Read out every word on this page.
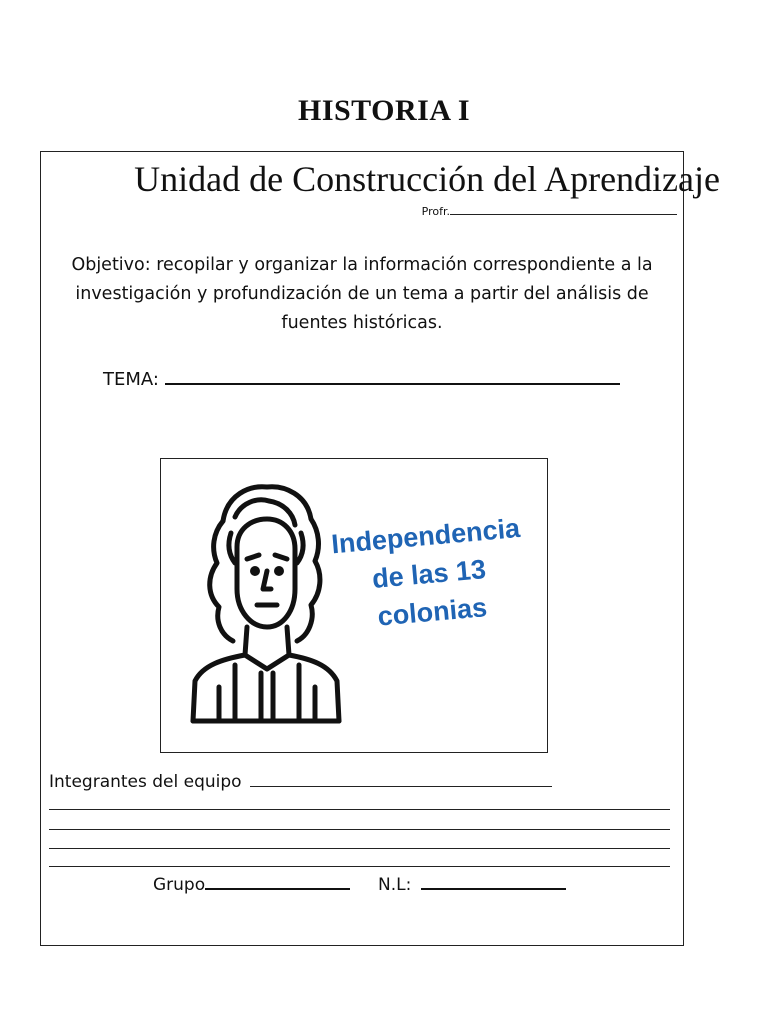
HISTORIA I
Unidad de Construcción del Aprendizaje
Profr.
Objetivo: recopilar y organizar la información correspondiente a la
investigación y profundización de un tema a partir del análisis de
fuentes históricas.
TEMA:
Independencia
de las 13
colonias
Integrantes del equipo
Grupo	N.L:
